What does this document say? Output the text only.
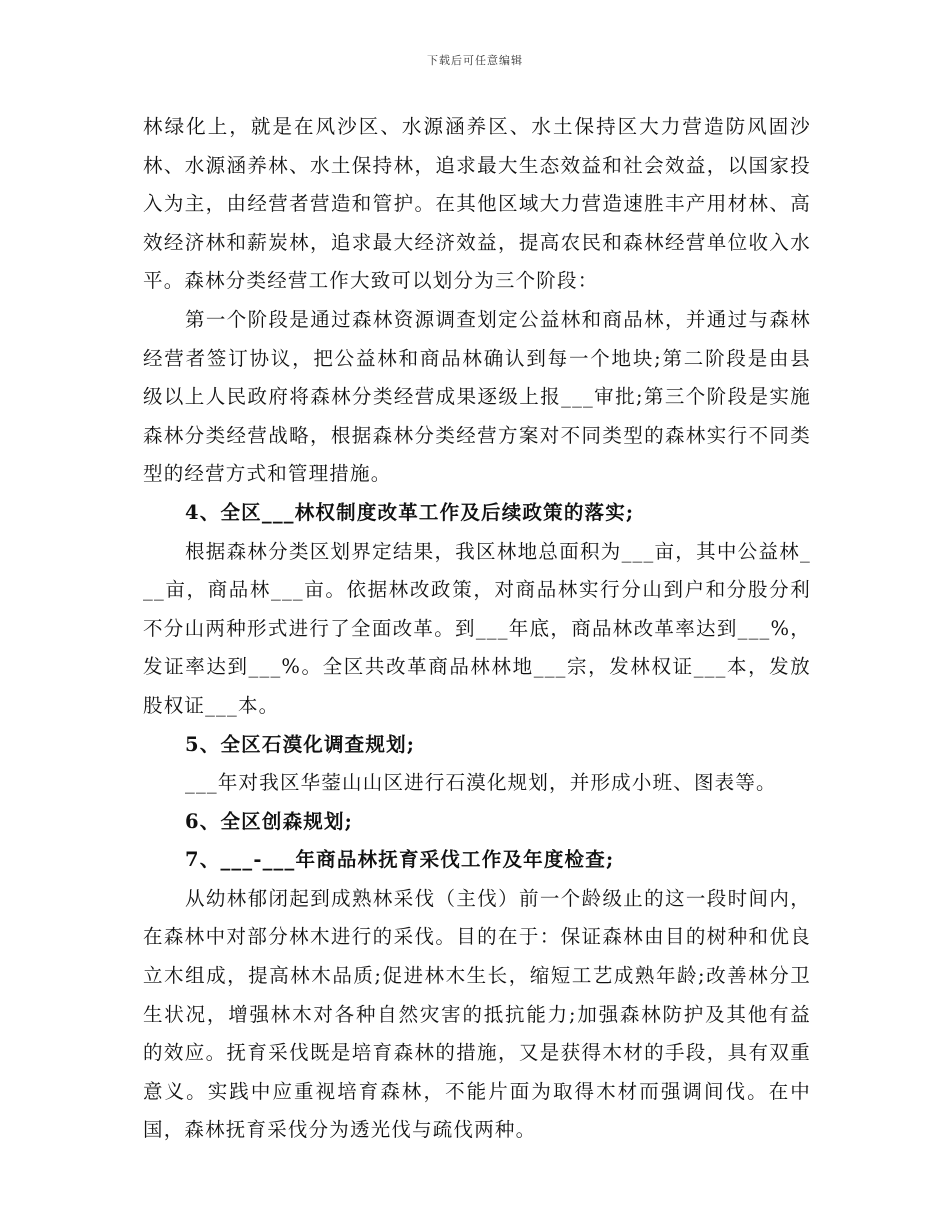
下载后可任意编辑

林绿化上，就是在风沙区、水源涵养区、水土保持区大力营造防风固沙林、水源涵养林、水土保持林，追求最大生态效益和社会效益，以国家投入为主，由经营者营造和管护。在其他区域大力营造速胜丰产用材林、高效经济林和薪炭林，追求最大经济效益，提高农民和森林经营单位收入水平。森林分类经营工作大致可以划分为三个阶段：

第一个阶段是通过森林资源调查划定公益林和商品林，并通过与森林经营者签订协议，把公益林和商品林确认到每一个地块;第二阶段是由县级以上人民政府将森林分类经营成果逐级上报___审批;第三个阶段是实施森林分类经营战略，根据森林分类经营方案对不同类型的森林实行不同类型的经营方式和管理措施。

4、全区___林权制度改革工作及后续政策的落实;

根据森林分类区划界定结果，我区林地总面积为___亩，其中公益林___亩，商品林___亩。依据林改政策，对商品林实行分山到户和分股分利不分山两种形式进行了全面改革。到___年底，商品林改革率达到___%，发证率达到___%。全区共改革商品林林地___宗，发林权证___本，发放股权证___本。

5、全区石漠化调查规划;

___年对我区华蓥山山区进行石漠化规划，并形成小班、图表等。

6、全区创森规划;

7、___-___年商品林抚育采伐工作及年度检查;

从幼林郁闭起到成熟林采伐（主伐）前一个龄级止的这一段时间内，在森林中对部分林木进行的采伐。目的在于：保证森林由目的树种和优良立木组成，提高林木品质;促进林木生长，缩短工艺成熟年龄;改善林分卫生状况，增强林木对各种自然灾害的抵抗能力;加强森林防护及其他有益的效应。抚育采伐既是培育森林的措施，又是获得木材的手段，具有双重意义。实践中应重视培育森林，不能片面为取得木材而强调间伐。在中国，森林抚育采伐分为透光伐与疏伐两种。
